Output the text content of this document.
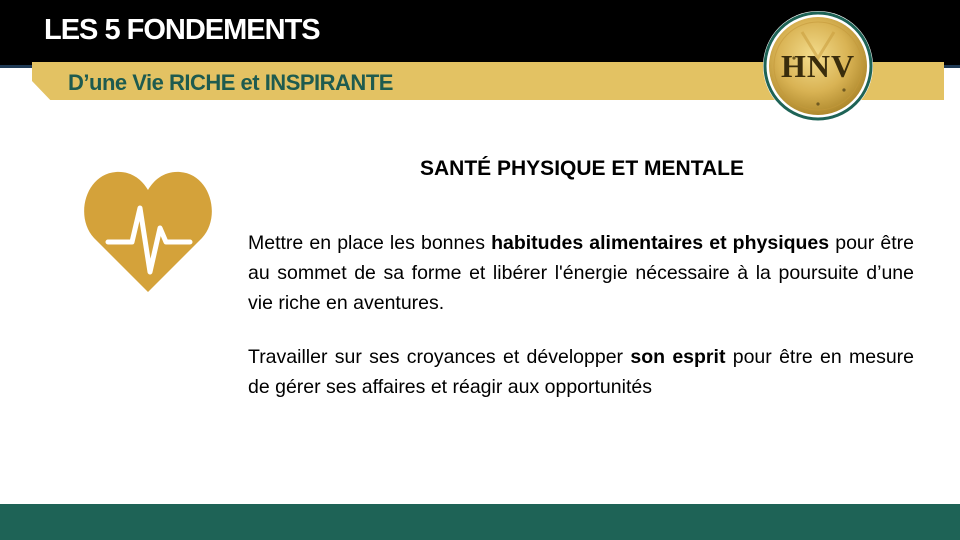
LES 5 FONDEMENTS
D’une Vie RICHE et INSPIRANTE	HNV
SANTÉ PHYSIQUE ET MENTALE

Mettre en place les bonnes habitudes alimentaires et physiques pour être au sommet de sa forme et libérer l'énergie nécessaire à la poursuite d’une vie riche en aventures.

Travailler sur ses croyances et développer son esprit pour être en mesure de gérer ses affaires et réagir aux opportunités
